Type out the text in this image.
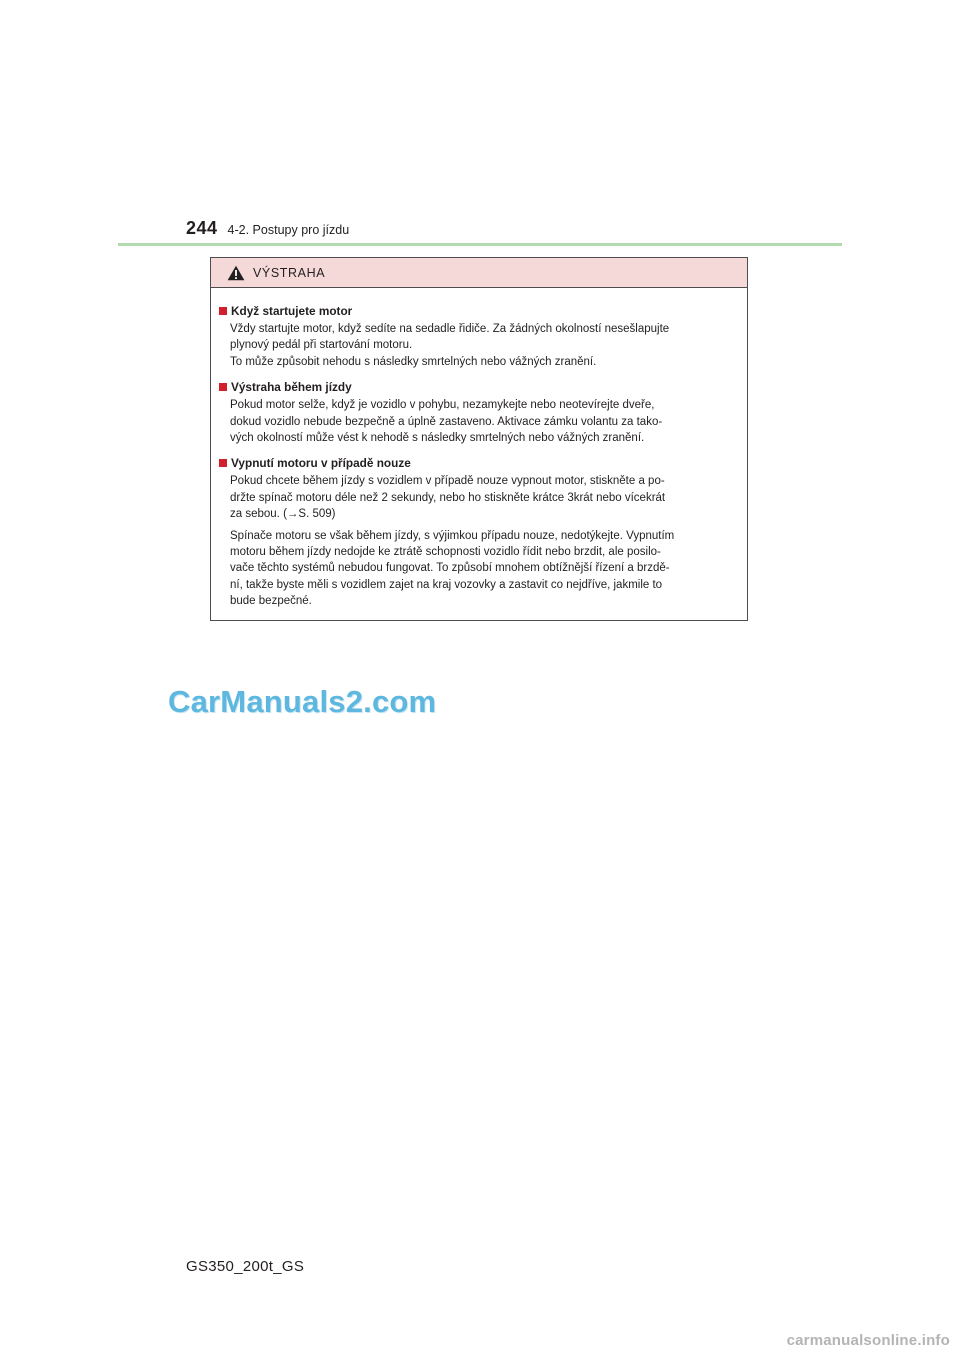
244 4-2. Postupy pro jízdu
VÝSTRAHA
Když startujete motor
Vždy startujte motor, když sedíte na sedadle řidiče. Za žádných okolností nesešlapujte
plynový pedál při startování motoru.
To může způsobit nehodu s následky smrtelných nebo vážných zranění.
Výstraha během jízdy
Pokud motor selže, když je vozidlo v pohybu, nezamykejte nebo neotevírejte dveře,
dokud vozidlo nebude bezpečně a úplně zastaveno. Aktivace zámku volantu za tako-
vých okolností může vést k nehodě s následky smrtelných nebo vážných zranění.
Vypnutí motoru v případě nouze
Pokud chcete během jízdy s vozidlem v případě nouze vypnout motor, stiskněte a po-
držte spínač motoru déle než 2 sekundy, nebo ho stiskněte krátce 3krát nebo vícekrát
za sebou. (→S. 509)
Spínače motoru se však během jízdy, s výjimkou případu nouze, nedotýkejte. Vypnutím
motoru během jízdy nedojde ke ztrátě schopnosti vozidlo řídit nebo brzdit, ale posilo-
vače těchto systémů nebudou fungovat. To způsobí mnohem obtížnější řízení a brzdě-
ní, takže byste měli s vozidlem zajet na kraj vozovky a zastavit co nejdříve, jakmile to
bude bezpečné.
CarManuals2.com
GS350_200t_GS
carmanualsonline.info
